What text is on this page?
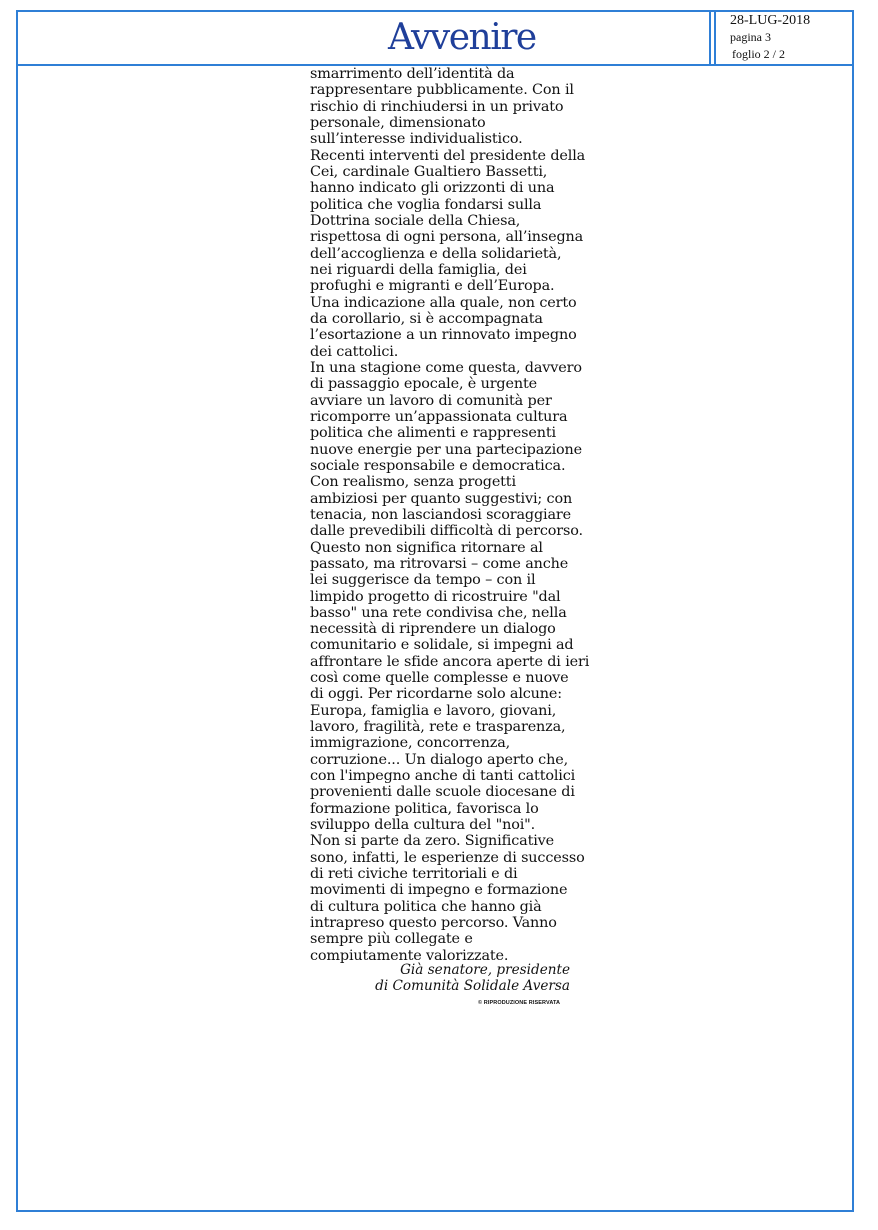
Avvenire	28-LUG-2018
pagina 3
foglio 2 / 2
smarrimento dell’identità da
rappresentare pubblicamente. Con il
rischio di rinchiudersi in un privato
personale, dimensionato
sull’interesse individualistico.
Recenti interventi del presidente della
Cei, cardinale Gualtiero Bassetti,
hanno indicato gli orizzonti di una
politica che voglia fondarsi sulla
Dottrina sociale della Chiesa,
rispettosa di ogni persona, all’insegna
dell’accoglienza e della solidarietà,
nei riguardi della famiglia, dei
profughi e migranti e dell’Europa.
Una indicazione alla quale, non certo
da corollario, si è accompagnata
l’esortazione a un rinnovato impegno
dei cattolici.
In una stagione come questa, davvero
di passaggio epocale, è urgente
avviare un lavoro di comunità per
ricomporre un’appassionata cultura
politica che alimenti e rappresenti
nuove energie per una partecipazione
sociale responsabile e democratica.
Con realismo, senza progetti
ambiziosi per quanto suggestivi; con
tenacia, non lasciandosi scoraggiare
dalle prevedibili difficoltà di percorso.
Questo non significa ritornare al
passato, ma ritrovarsi – come anche
lei suggerisce da tempo – con il
limpido progetto di ricostruire "dal
basso" una rete condivisa che, nella
necessità di riprendere un dialogo
comunitario e solidale, si impegni ad
affrontare le sfide ancora aperte di ieri
così come quelle complesse e nuove
di oggi. Per ricordarne solo alcune:
Europa, famiglia e lavoro, giovani,
lavoro, fragilità, rete e trasparenza,
immigrazione, concorrenza,
corruzione... Un dialogo aperto che,
con l'impegno anche di tanti cattolici
provenienti dalle scuole diocesane di
formazione politica, favorisca lo
sviluppo della cultura del "noi".
Non si parte da zero. Significative
sono, infatti, le esperienze di successo
di reti civiche territoriali e di
movimenti di impegno e formazione
di cultura politica che hanno già
intrapreso questo percorso. Vanno
sempre più collegate e
compiutamente valorizzate.
Già senatore, presidente
di Comunità Solidale Aversa
© RIPRODUZIONE RISERVATA
